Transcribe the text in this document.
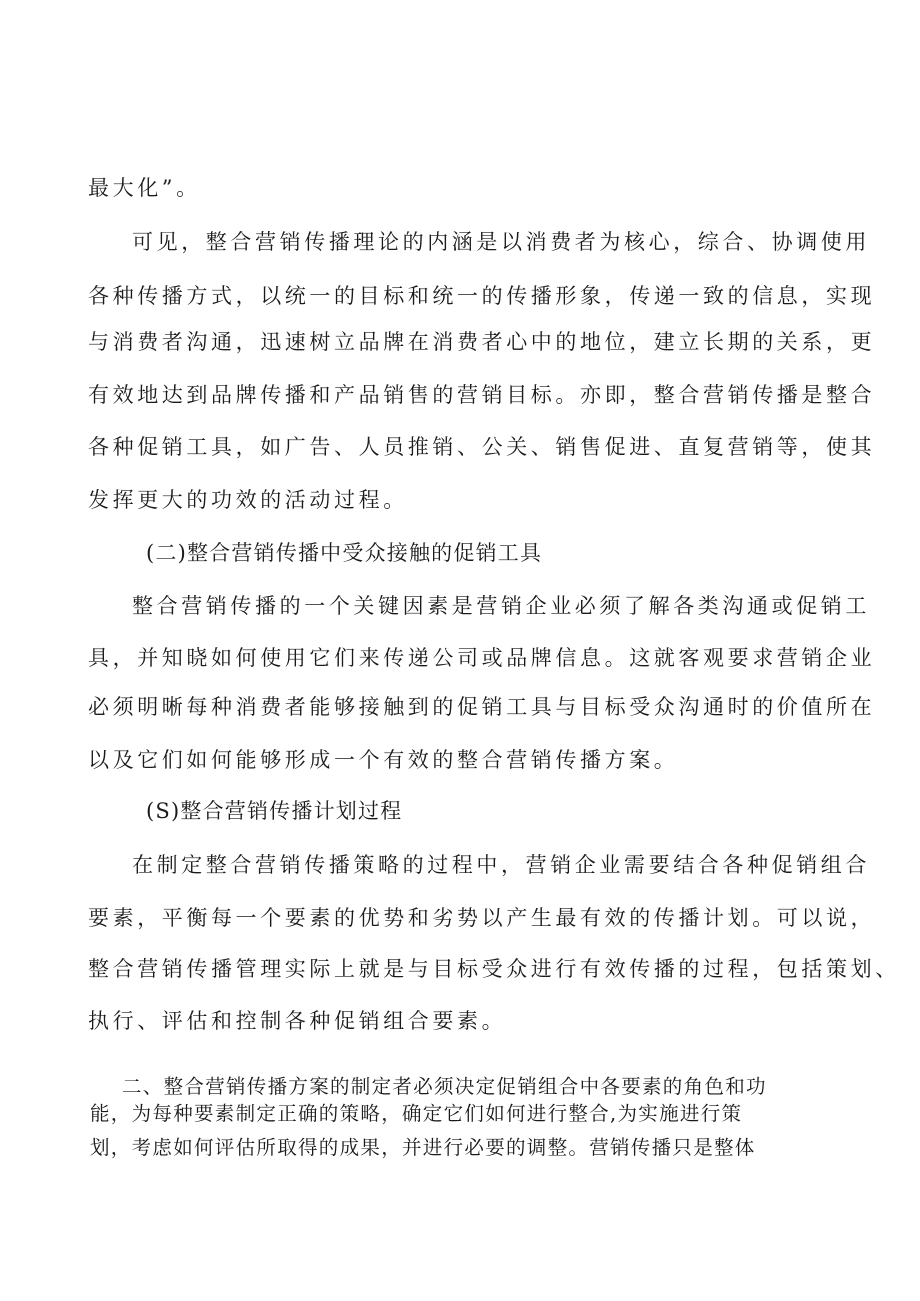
最大化”。
可见，整合营销传播理论的内涵是以消费者为核心，综合、协调使用
各种传播方式，以统一的目标和统一的传播形象，传递一致的信息，实现
与消费者沟通，迅速树立品牌在消费者心中的地位，建立长期的关系，更
有效地达到品牌传播和产品销售的营销目标。亦即，整合营销传播是整合
各种促销工具，如广告、人员推销、公关、销售促进、直复营销等，使其
发挥更大的功效的活动过程。
(二)整合营销传播中受众接触的促销工具
整合营销传播的一个关键因素是营销企业必须了解各类沟通或促销工
具，并知晓如何使用它们来传递公司或品牌信息。这就客观要求营销企业
必须明晰每种消费者能够接触到的促销工具与目标受众沟通时的价值所在
以及它们如何能够形成一个有效的整合营销传播方案。
(S)整合营销传播计划过程
在制定整合营销传播策略的过程中，营销企业需要结合各种促销组合
要素，平衡每一个要素的优势和劣势以产生最有效的传播计划。可以说，
整合营销传播管理实际上就是与目标受众进行有效传播的过程，包括策划、
执行、评估和控制各种促销组合要素。
二、整合营销传播方案的制定者必须决定促销组合中各要素的角色和功
能，为每种要素制定正确的策略，确定它们如何进行整合,为实施进行策
划，考虑如何评估所取得的成果，并进行必要的调整。营销传播只是整体
